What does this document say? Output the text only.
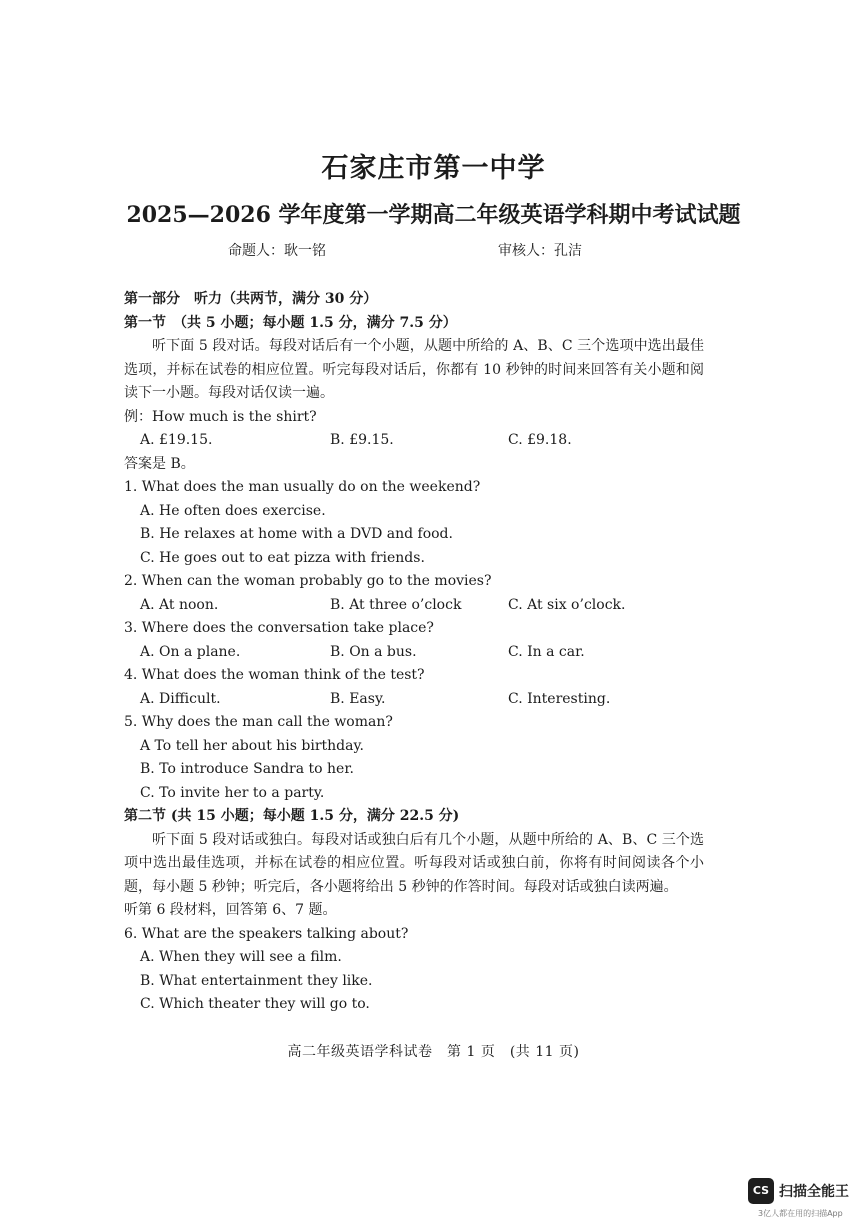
石家庄市第一中学
2025—2026 学年度第一学期高二年级英语学科期中考试试题
命题人：耿一铭	审核人：孔洁

第一部分　听力（共两节，满分 30 分）

第一节　（共 5 小题；每小题 1.5 分，满分 7.5 分）

听下面 5 段对话。每段对话后有一个小题，从题中所给的 A、B、C 三个选项中选出最佳选项，并标在试卷的相应位置。听完每段对话后，你都有 10 秒钟的时间来回答有关小题和阅读下一小题。每段对话仅读一遍。

例：How much is the shirt?

A. £19.15.	B. £9.15.	C. £9.18.

答案是 B。

1. What does the man usually do on the weekend?

A. He often does exercise.

B. He relaxes at home with a DVD and food.

C. He goes out to eat pizza with friends.

2. When can the woman probably go to the movies?

A. At noon.	B. At three o’clock	C. At six o’clock.

3. Where does the conversation take place?

A. On a plane.	B. On a bus.	C. In a car.

4. What does the woman think of the test?

A. Difficult.	B. Easy.	C. Interesting.

5. Why does the man call the woman?

A To tell her about his birthday.

B. To introduce Sandra to her.

C. To invite her to a party.

第二节 (共 15 小题；每小题 1.5 分，满分 22.5 分)

听下面 5 段对话或独白。每段对话或独白后有几个小题，从题中所给的 A、B、C 三个选项中选出最佳选项，并标在试卷的相应位置。听每段对话或独白前，你将有时间阅读各个小题，每小题 5 秒钟；听完后，各小题将给出 5 秒钟的作答时间。每段对话或独白读两遍。

听第 6 段材料，回答第 6、7 题。

6. What are the speakers talking about?

A. When they will see a film.

B. What entertainment they like.

C. Which theater they will go to.

高二年级英语学科试卷　第 1 页　(共 11 页)
CS 扫描全能王
3亿人都在用的扫描App
